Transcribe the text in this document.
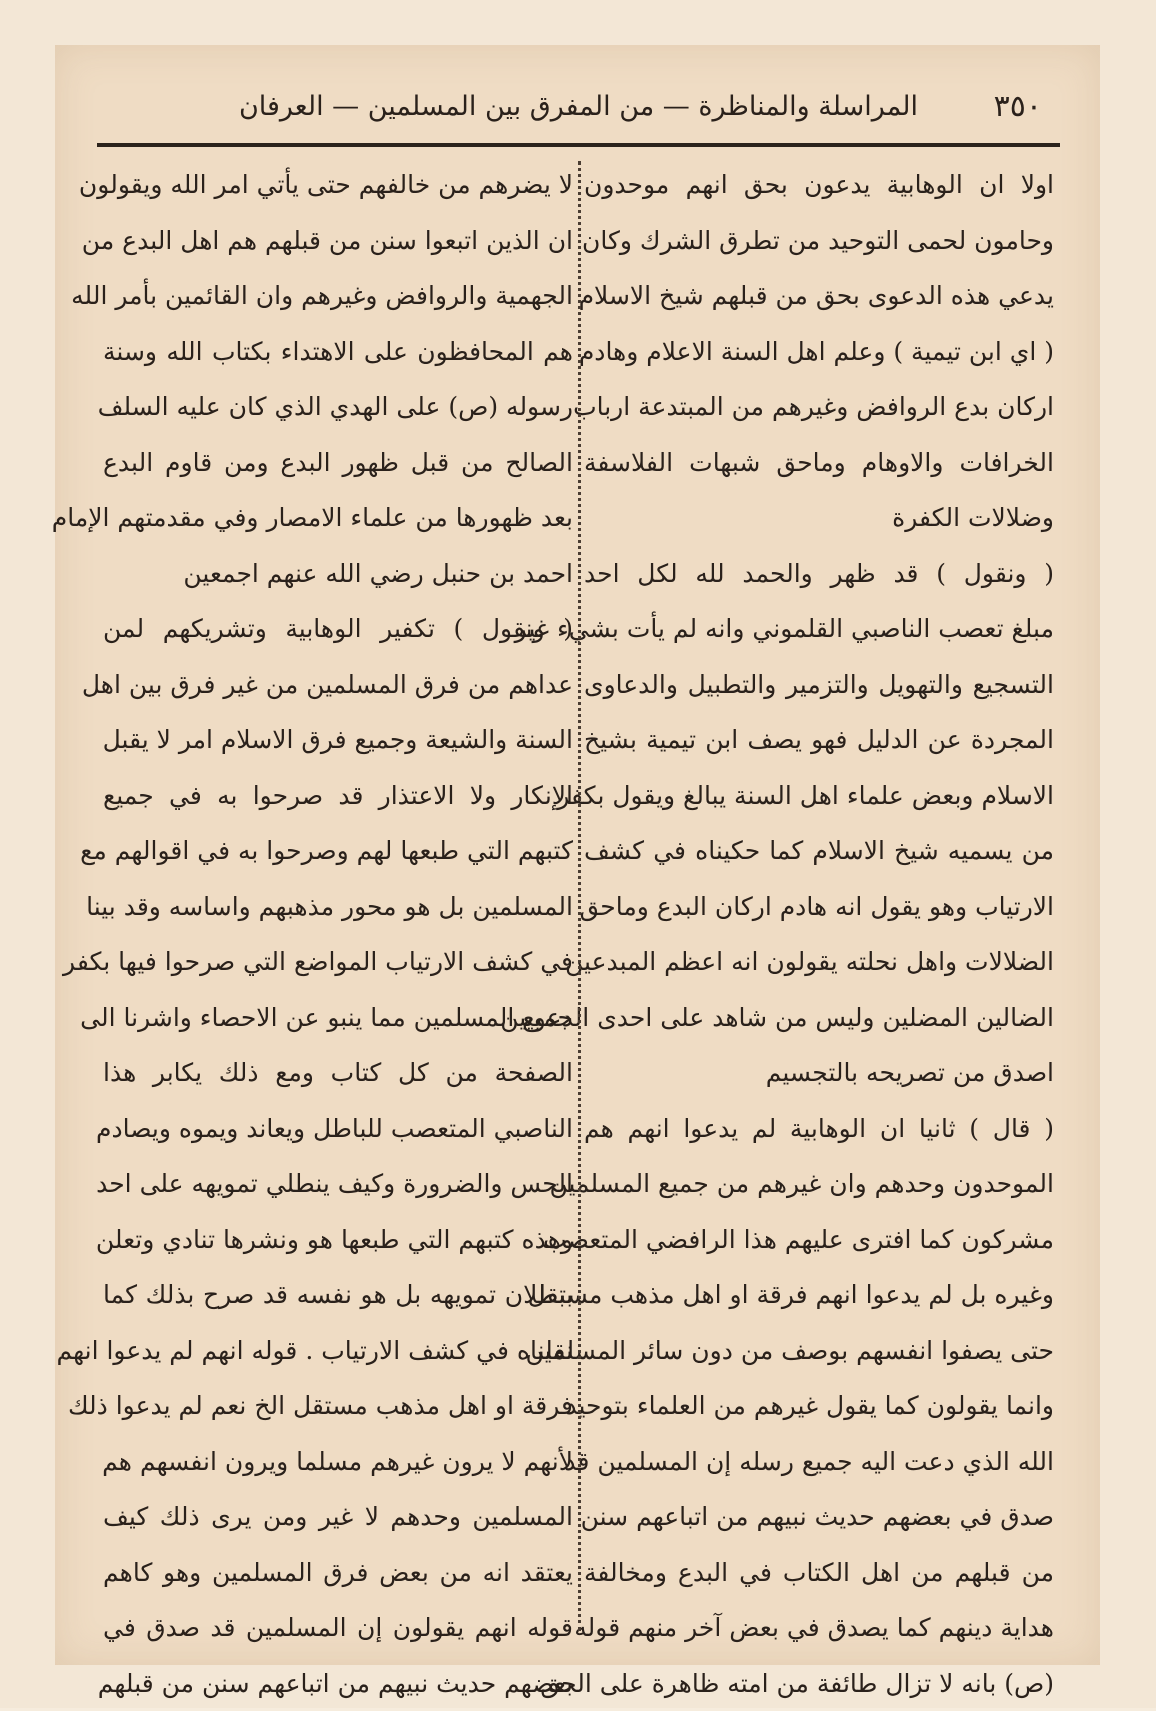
٣٥٠
المراسلة والمناظرة — من المفرق بين المسلمين — العرفان
اولا ان الوهابية يدعون بحق انهم موحدون
وحامون لحمى التوحيد من تطرق الشرك وكان
يدعي هذه الدعوى بحق من قبلهم شيخ الاسلام
( اي ابن تيمية ) وعلم اهل السنة الاعلام وهادم
اركان بدع الروافض وغيرهم من المبتدعة ارباب
الخرافات والاوهام وماحق شبهات الفلاسفة
وضلالات الكفرة
( ونقول ) قد ظهر والحمد لله لكل احد
مبلغ تعصب الناصبي القلموني وانه لم يأت بشيء غير
التسجيع والتهويل والتزمير والتطبيل والدعاوى
المجردة عن الدليل فهو يصف ابن تيمية بشيخ
الاسلام وبعض علماء اهل السنة يبالغ ويقول بكفر
من يسميه شيخ الاسلام كما حكيناه في كشف
الارتياب وهو يقول انه هادم اركان البدع وماحق
الضلالات واهل نحلته يقولون انه اعظم المبدعين
الضالين المضلين وليس من شاهد على احدى الدعويين
اصدق من تصريحه بالتجسيم
( قال ) ثانيا ان الوهابية لم يدعوا انهم هم
الموحدون وحدهم وان غيرهم من جميع المسلمين
مشركون كما افترى عليهم هذا الرافضي المتعصب
وغيره بل لم يدعوا انهم فرقة او اهل مذهب مستقل
حتى يصفوا انفسهم بوصف من دون سائر المسلمين
وانما يقولون كما يقول غيرهم من العلماء بتوحيد
الله الذي دعت اليه جميع رسله إن المسلمين قد
صدق في بعضهم حديث نبيهم من اتباعهم سنن
من قبلهم من اهل الكتاب في البدع ومخالفة
هداية دينهم كما يصدق في بعض آخر منهم قوله
(ص) بانه لا تزال طائفة من امته ظاهرة على الحق
لا يضرهم من خالفهم حتى يأتي امر الله ويقولون
ان الذين اتبعوا سنن من قبلهم هم اهل البدع من
الجهمية والروافض وغيرهم وان القائمين بأمر الله
هم المحافظون على الاهتداء بكتاب الله وسنة
رسوله (ص) على الهدي الذي كان عليه السلف
الصالح من قبل ظهور البدع ومن قاوم البدع
بعد ظهورها من علماء الامصار وفي مقدمتهم الإمام
احمد بن حنبل رضي الله عنهم اجمعين
( ونقول ) تكفير الوهابية وتشريكهم لمن
عداهم من فرق المسلمين من غير فرق بين اهل
السنة والشيعة وجميع فرق الاسلام امر لا يقبل
الإنكار ولا الاعتذار قد صرحوا به في جميع
كتبهم التي طبعها لهم وصرحوا به في اقوالهم مع
المسلمين بل هو محور مذهبهم واساسه وقد بينا
في كشف الارتياب المواضع التي صرحوا فيها بكفر
جميع المسلمين مما ينبو عن الاحصاء واشرنا الى
الصفحة من كل كتاب ومع ذلك يكابر هذا
الناصبي المتعصب للباطل ويعاند ويموه ويصادم
الحس والضرورة وكيف ينطلي تمويهه على احد
وهذه كتبهم التي طبعها هو ونشرها تنادي وتعلن
ببطلان تمويهه بل هو نفسه قد صرح بذلك كما
نقلناه في كشف الارتياب . قوله انهم لم يدعوا انهم
فرقة او اهل مذهب مستقل الخ نعم لم يدعوا ذلك
لأنهم لا يرون غيرهم مسلما ويرون انفسهم هم
المسلمين وحدهم لا غير ومن يرى ذلك كيف
يعتقد انه من بعض فرق المسلمين وهو كاهم
قوله انهم يقولون إن المسلمين قد صدق في
بعضهم حديث نبيهم من اتباعهم سنن من قبلهم
